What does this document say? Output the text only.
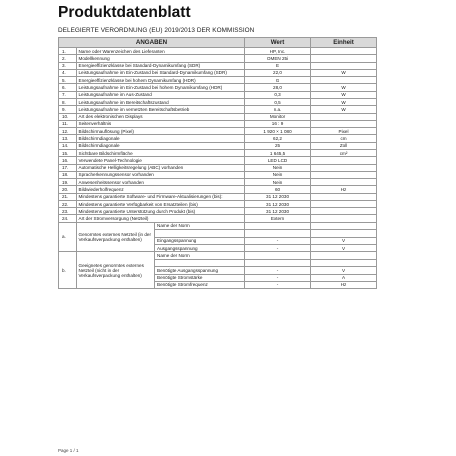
Produktdatenblatt
DELEGIERTE VERORDNUNG (EU) 2019/2013 DER KOMMISSION
ANGABEN			Wert	Einheit
1.	Name oder Warenzeichen des Lieferanten		HP, Inc.	
2.	Modellkennung		OMEN 25i	
3.	Energieeffizienzklasse bei Standard-Dynamikumfang (SDR)		E	
4.	Leistungsaufnahme im Ein-Zustand bei Standard-Dynamikumfang (SDR)		22,0	W
5.	Energieeffizienzklasse bei hohem Dynamikumfang (HDR)		G	
6.	Leistungsaufnahme im Ein-Zustand bei hohem Dynamikumfang (HDR)		28,0	W
7.	Leistungsaufnahme im Aus-Zustand		0,3	W
8.	Leistungsaufnahme im Bereitschaftszustand		0,5	W
9.	Leistungsaufnahme im vernetzten Bereitschaftsbetrieb		n.a.	W
10.	Art des elektronischen Displays		Monitor	
11.	Seitenverhältnis		16 : 9	
12.	Bildschirmauflösung (Pixel)		1 920 × 1 080	Pixel
13.	Bildschirmdiagonale		62,2	cm
14.	Bildschirmdiagonale		25	Zoll
15.	Sichtbare Bildschirmfläche		1 645,5	cm²
16.	Verwendete Panel-Technologie		LED LCD	
17.	Automatische Helligkeitsregelung (ABC) vorhanden		Nein	
18.	Spracherkennungssensor vorhanden		Nein	
19.	Anwesenheitssensor vorhanden		Nein	
20.	Bildwiederholfrequenz		60	Hz
21.	Mindestens garantierte Software- und Firmware-Aktualisierungen (bis):		31 12 2030	
22.	Mindestens garantierte Verfügbarkeit von Ersatzteilen (bis)		31 12 2030	
23.	Mindestens garantierte Unterstützung durch Produkt (bis)		31 12 2030	
24.	Art der Stromversorgung (Netzteil)		Extern	
a.	Genormtes externes Netzteil (in der Verkaufsverpackung enthalten)	Name der Norm		

		Eingangsspannung	-	V
		Ausgangsspannung	-	V
b.	Geeignetes genormtes externes Netzteil (nicht in der Verkaufsverpackung enthalten)	Name der Norm		

		Benötigte Ausgangsspannung	-	V
		Benötigte Stromstärke	-	A
		Benötigte Stromfrequenz	-	Hz
Page 1 / 1
